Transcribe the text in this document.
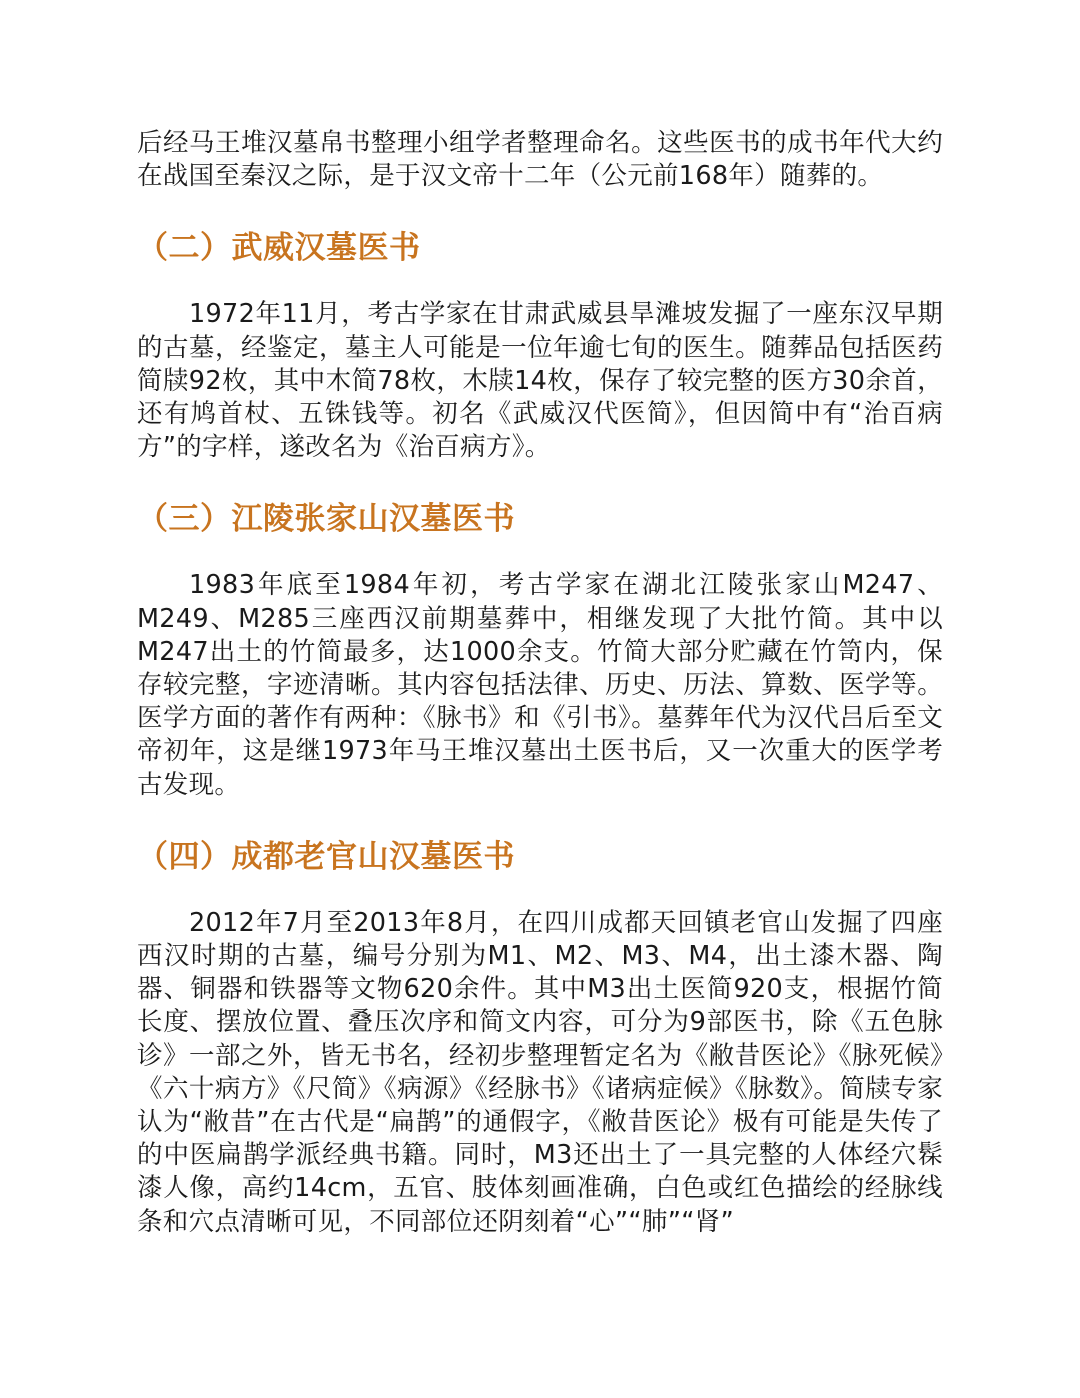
后经马王堆汉墓帛书整理小组学者整理命名。这些医书的成书年代大约在战国至秦汉之际，是于汉文帝十二年（公元前168年）随葬的。

（二）武威汉墓医书

1972年11月，考古学家在甘肃武威县旱滩坡发掘了一座东汉早期的古墓，经鉴定，墓主人可能是一位年逾七旬的医生。随葬品包括医药简牍92枚，其中木简78枚，木牍14枚，保存了较完整的医方30余首，还有鸠首杖、五铢钱等。初名《武威汉代医简》，但因简中有“治百病方”的字样，遂改名为《治百病方》。

（三）江陵张家山汉墓医书

1983年底至1984年初，考古学家在湖北江陵张家山M247、M249、M285三座西汉前期墓葬中，相继发现了大批竹简。其中以M247出土的竹简最多，达1000余支。竹简大部分贮藏在竹笥内，保存较完整，字迹清晰。其内容包括法律、历史、历法、算数、医学等。医学方面的著作有两种：《脉书》和《引书》。墓葬年代为汉代吕后至文帝初年，这是继1973年马王堆汉墓出土医书后，又一次重大的医学考古发现。

（四）成都老官山汉墓医书

2012年7月至2013年8月，在四川成都天回镇老官山发掘了四座西汉时期的古墓，编号分别为M1、M2、M3、M4，出土漆木器、陶器、铜器和铁器等文物620余件。其中M3出土医简920支，根据竹简长度、摆放位置、叠压次序和简文内容，可分为9部医书，除《五色脉诊》一部之外，皆无书名，经初步整理暂定名为《敝昔医论》《脉死候》《六十病方》《尺简》《病源》《经脉书》《诸病症候》《脉数》。简牍专家认为“敝昔”在古代是“扁鹊”的通假字，《敝昔医论》极有可能是失传了的中医扁鹊学派经典书籍。同时，M3还出土了一具完整的人体经穴髹漆人像，高约14cm，五官、肢体刻画准确，白色或红色描绘的经脉线条和穴点清晰可见，不同部位还阴刻着“心”“肺”“肾”
